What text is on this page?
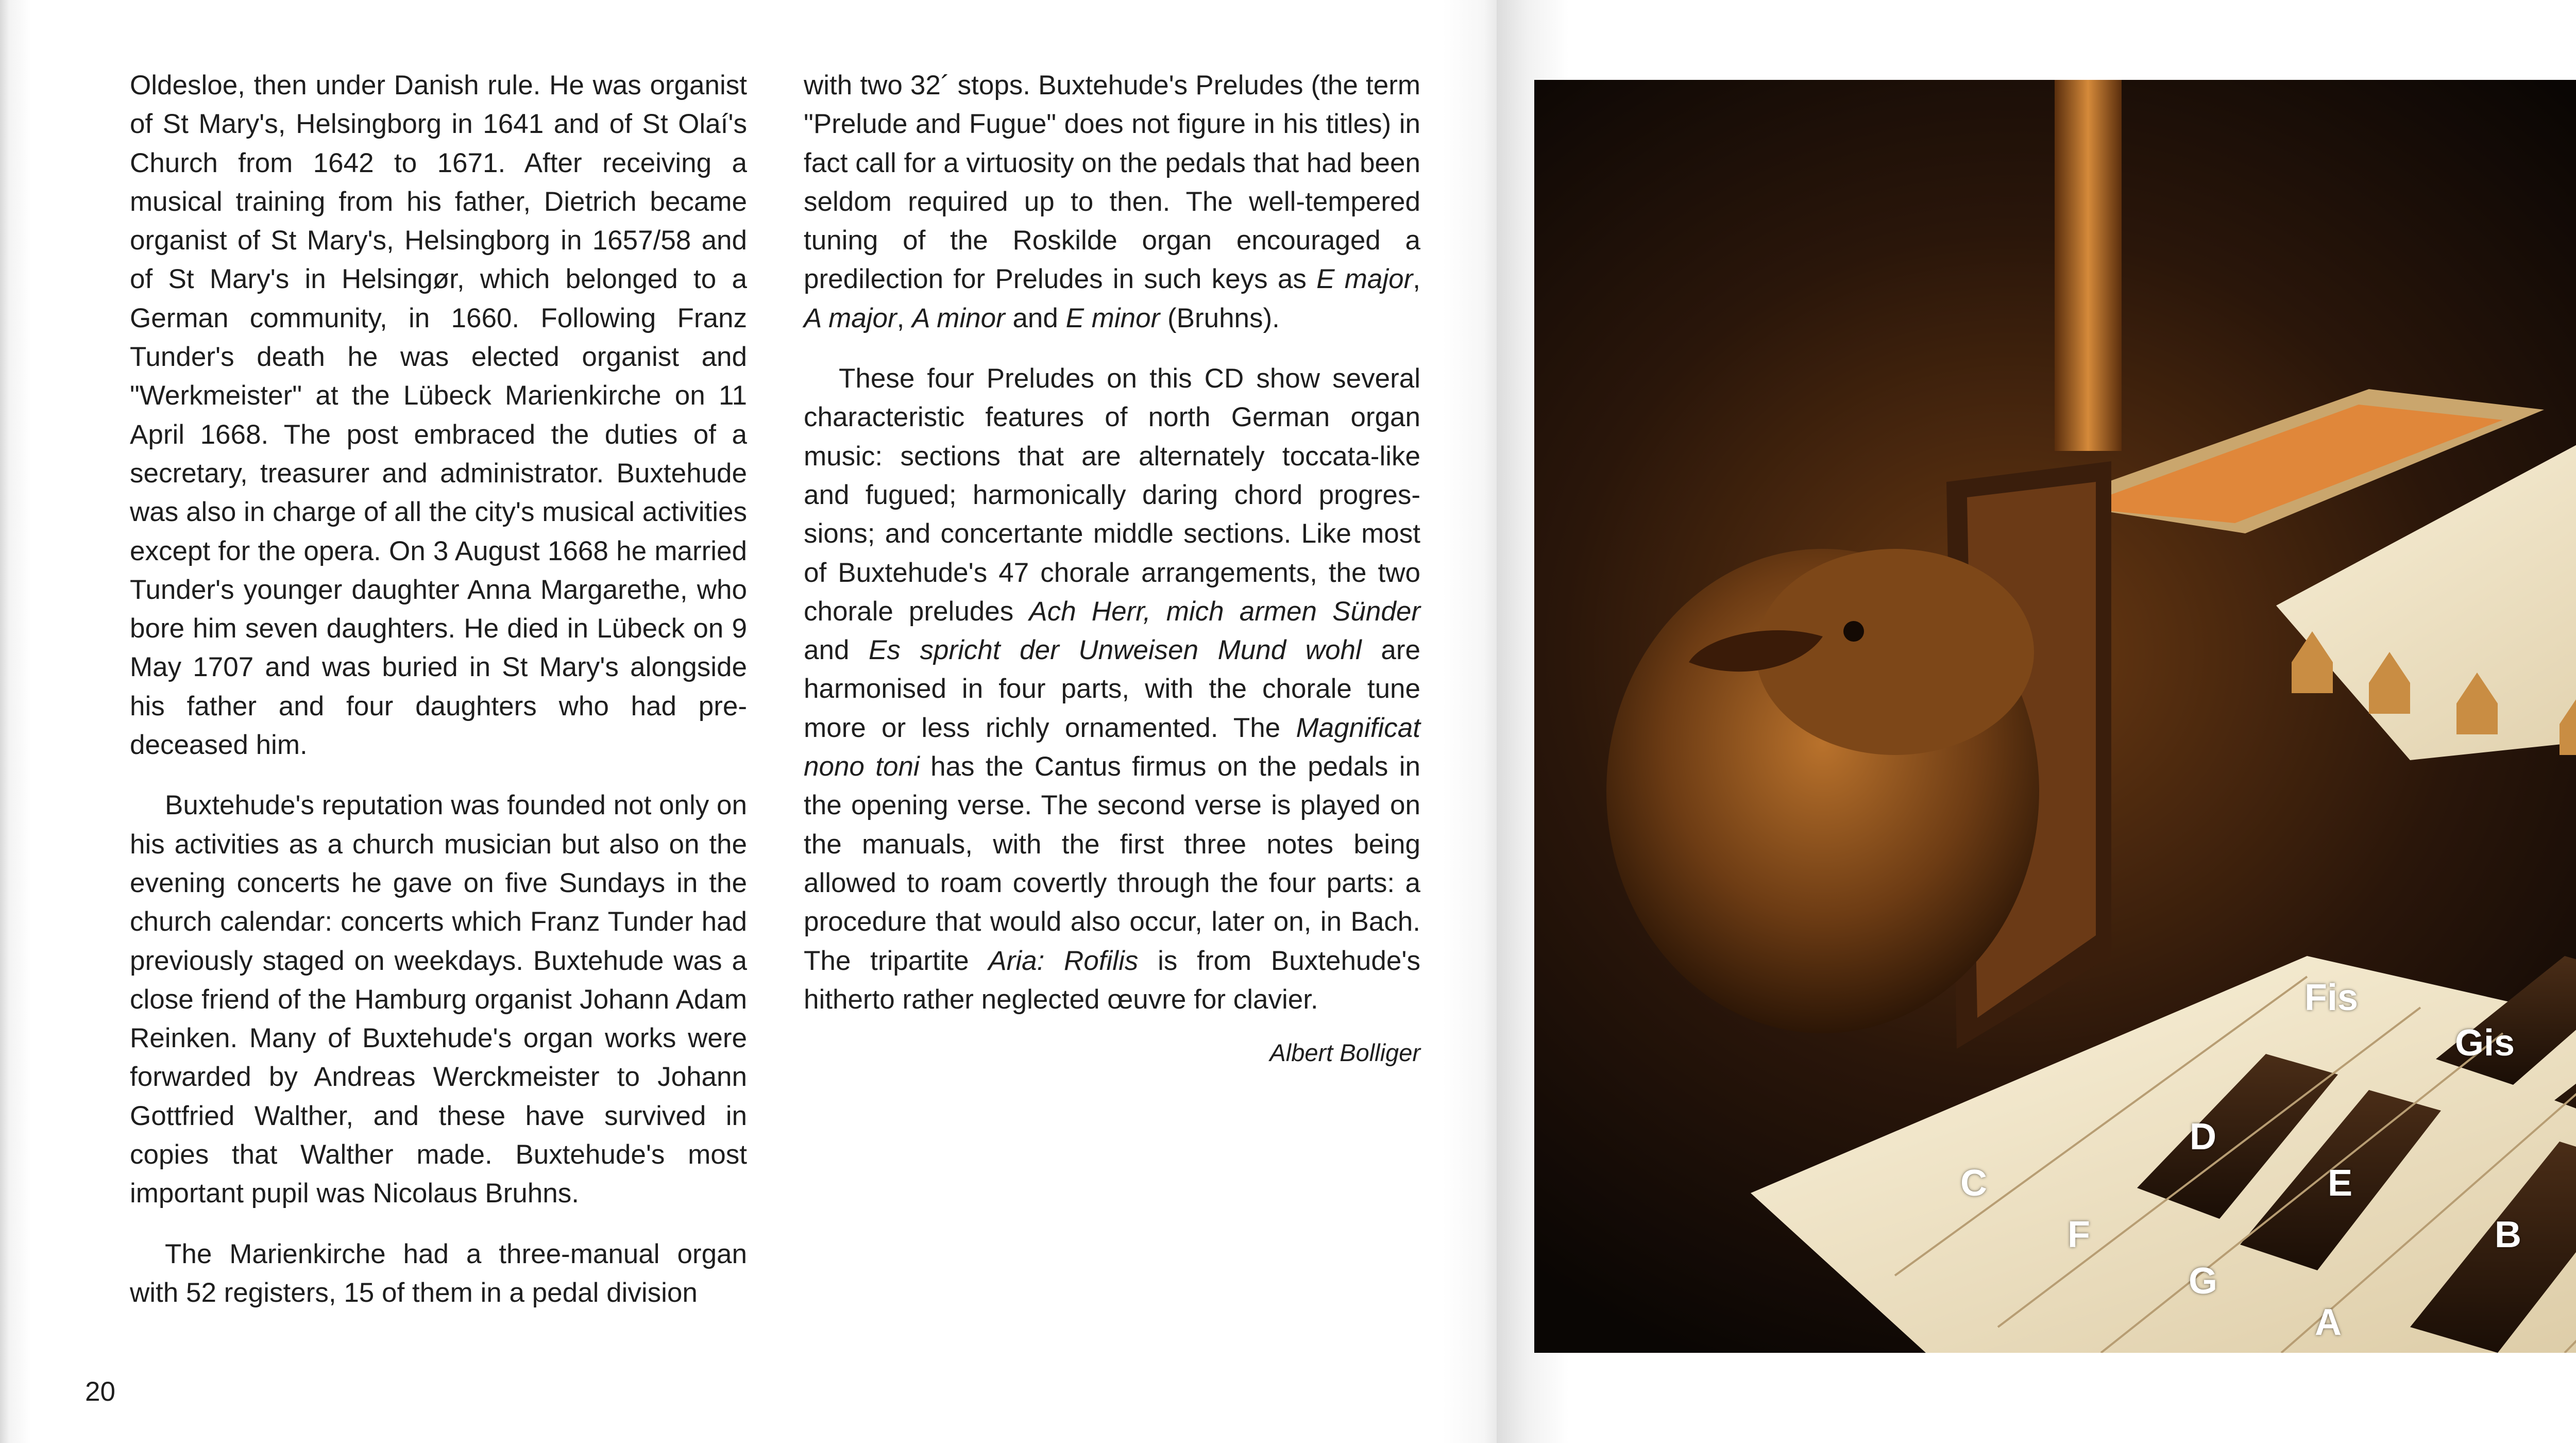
Oldesloe, then under Danish rule. He was organist of St Mary's, Helsingborg in 1641 and of St Olaí's Church from 1642 to 1671. After receiving a musical training from his father, Dietrich became organist of St Mary's, Helsingborg in 1657/58 and of St Mary's in Helsingør, which belonged to a German community, in 1660. Following Franz Tunder's death he was elected organist and "Werkmeister" at the Lübeck Marienkirche on 11 April 1668. The post embraced the duties of a secretary, treasurer and administrator. Buxtehude was also in charge of all the city's musical activities except for the opera. On 3 August 1668 he married Tunder's younger daughter Anna Margarethe, who bore him seven daughters. He died in Lübeck on 9 May 1707 and was buried in St Mary's alongside his father and four daughters who had pre-deceased him.

Buxtehude's reputation was founded not only on his activities as a church musician but also on the evening concerts he gave on five Sundays in the church calendar: concerts which Franz Tunder had previously staged on weekdays. Buxtehude was a close friend of the Hamburg organist Johann Adam Reinken. Many of Buxtehude's organ works were forwarded by Andreas Werckmeister to Johann Gottfried Walther, and these have survived in copies that Walther made. Buxtehude's most important pupil was Nicolaus Bruhns.

The Marienkirche had a three-manual organ with 52 registers, 15 of them in a pedal division

with two 32´ stops. Buxtehude's Preludes (the term "Prelude and Fugue" does not figure in his titles) in fact call for a virtuosity on the pedals that had been seldom required up to then. The well-tempered tuning of the Roskilde organ encouraged a predilection for Preludes in such keys as E major, A major, A minor and E minor (Bruhns).

These four Preludes on this CD show several characteristic features of north German organ music: sections that are alternately toccata-like and fugued; harmonically daring chord progressions; and concertante middle sections. Like most of Buxtehude's 47 chorale arrangements, the two chorale preludes Ach Herr, mich armen Sünder and Es spricht der Unweisen Mund wohl are harmonised in four parts, with the chorale tune more or less richly ornamented. The Magnificat nono toni has the Cantus firmus on the pedals in the opening verse. The second verse is played on the manuals, with the first three notes being allowed to roam covertly through the four parts: a procedure that would also occur, later on, in Bach. The tripartite Aria: Rofilis is from Buxtehude's hitherto rather neglected œuvre for clavier.

Albert Bolliger
20
Fis
Gis
D
C	E
F	B
G
A
